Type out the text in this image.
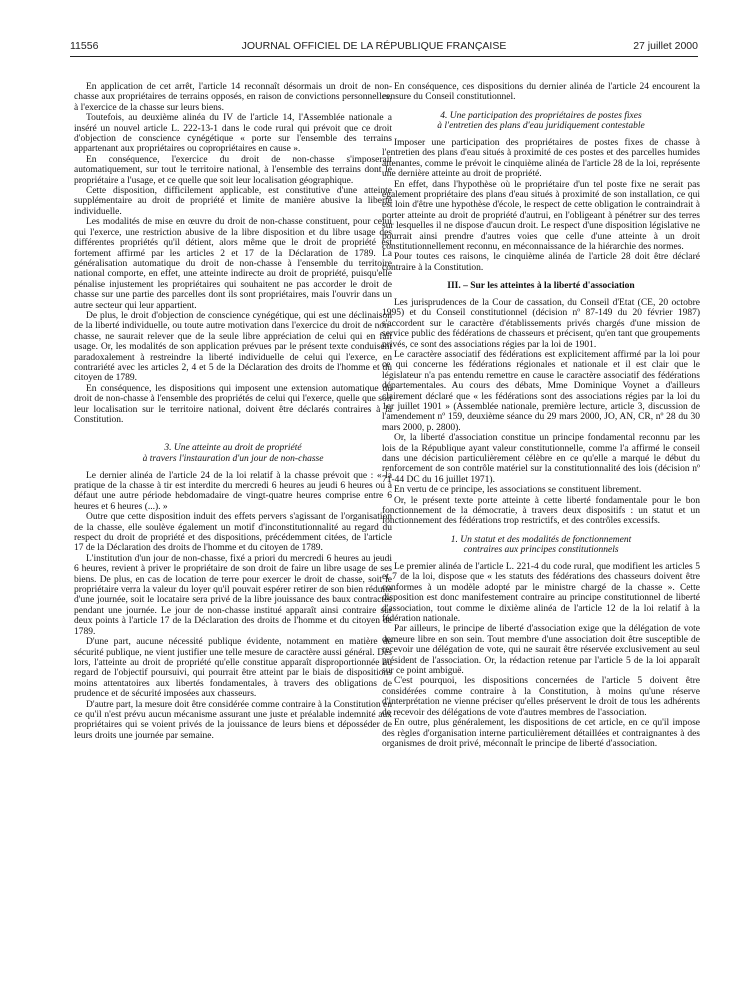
11556	JOURNAL OFFICIEL DE LA RÉPUBLIQUE FRANÇAISE	27 juillet 2000

En application de cet arrêt, l'article 14 reconnaît désormais un droit de non-chasse aux propriétaires de terrains opposés, en raison de convictions personnelles, à l'exercice de la chasse sur leurs biens.

Toutefois, au deuxième alinéa du IV de l'article 14, l'Assemblée nationale a inséré un nouvel article L. 222-13-1 dans le code rural qui prévoit que ce droit d'objection de conscience cynégétique « porte sur l'ensemble des terrains appartenant aux propriétaires ou copropriétaires en cause ».

En conséquence, l'exercice du droit de non-chasse s'imposerait automatiquement, sur tout le territoire national, à l'ensemble des terrains dont le propriétaire a l'usage, et ce quelle que soit leur localisation géographique.

Cette disposition, difficilement applicable, est constitutive d'une atteinte supplémentaire au droit de propriété et limite de manière abusive la liberté individuelle.

Les modalités de mise en œuvre du droit de non-chasse constituent, pour celui qui l'exerce, une restriction abusive de la libre disposition et du libre usage des différentes propriétés qu'il détient, alors même que le droit de propriété est fortement affirmé par les articles 2 et 17 de la Déclaration de 1789. La généralisation automatique du droit de non-chasse à l'ensemble du territoire national comporte, en effet, une atteinte indirecte au droit de propriété, puisqu'elle pénalise injustement les propriétaires qui souhaitent ne pas accorder le droit de chasse sur une partie des parcelles dont ils sont propriétaires, mais l'ouvrir dans un autre secteur qui leur appartient.

De plus, le droit d'objection de conscience cynégétique, qui est une déclinaison de la liberté individuelle, ou toute autre motivation dans l'exercice du droit de non-chasse, ne saurait relever que de la seule libre appréciation de celui qui en fait usage. Or, les modalités de son application prévues par le présent texte conduisent paradoxalement à restreindre la liberté individuelle de celui qui l'exerce, en contrariété avec les articles 2, 4 et 5 de la Déclaration des droits de l'homme et du citoyen de 1789.

En conséquence, les dispositions qui imposent une extension automatique du droit de non-chasse à l'ensemble des propriétés de celui qui l'exerce, quelle que soit leur localisation sur le territoire national, doivent être déclarés contraires à la Constitution.

3. Une atteinte au droit de propriété
à travers l'instauration d'un jour de non-chasse

Le dernier alinéa de l'article 24 de la loi relatif à la chasse prévoit que : « la pratique de la chasse à tir est interdite du mercredi 6 heures au jeudi 6 heures ou à défaut une autre période hebdomadaire de vingt-quatre heures comprise entre 6 heures et 6 heures (...). »

Outre que cette disposition induit des effets pervers s'agissant de l'organisation de la chasse, elle soulève également un motif d'inconstitutionnalité au regard du respect du droit de propriété et des dispositions, précédemment citées, de l'article 17 de la Déclaration des droits de l'homme et du citoyen de 1789.

L'institution d'un jour de non-chasse, fixé a priori du mercredi 6 heures au jeudi 6 heures, revient à priver le propriétaire de son droit de faire un libre usage de ses biens. De plus, en cas de location de terre pour exercer le droit de chasse, soit le propriétaire verra la valeur du loyer qu'il pouvait espérer retirer de son bien réduite d'une journée, soit le locataire sera privé de la libre jouissance des baux contractés pendant une journée. Le jour de non-chasse institué apparaît ainsi contraire sur deux points à l'article 17 de la Déclaration des droits de l'homme et du citoyen de 1789.

D'une part, aucune nécessité publique évidente, notamment en matière de sécurité publique, ne vient justifier une telle mesure de caractère aussi général. Dès lors, l'atteinte au droit de propriété qu'elle constitue apparaît disproportionnée au regard de l'objectif poursuivi, qui pourrait être atteint par le biais de dispositions moins attentatoires aux libertés fondamentales, à travers des obligations de prudence et de sécurité imposées aux chasseurs.

D'autre part, la mesure doit être considérée comme contraire à la Constitution en ce qu'il n'est prévu aucun mécanisme assurant une juste et préalable indemnité aux propriétaires qui se voient privés de la jouissance de leurs biens et déposséder de leurs droits une journée par semaine.

En conséquence, ces dispositions du dernier alinéa de l'article 24 encourent la censure du Conseil constitutionnel.

4. Une participation des propriétaires de postes fixes
à l'entretien des plans d'eau juridiquement contestable

Imposer une participation des propriétaires de postes fixes de chasse à l'entretien des plans d'eau situés à proximité de ces postes et des parcelles humides attenantes, comme le prévoit le cinquième alinéa de l'article 28 de la loi, représente une dernière atteinte au droit de propriété.

En effet, dans l'hypothèse où le propriétaire d'un tel poste fixe ne serait pas également propriétaire des plans d'eau situés à proximité de son installation, ce qui est loin d'être une hypothèse d'école, le respect de cette obligation le contraindrait à porter atteinte au droit de propriété d'autrui, en l'obligeant à pénétrer sur des terres sur lesquelles il ne dispose d'aucun droit. Le respect d'une disposition législative ne pourrait ainsi prendre d'autres voies que celle d'une atteinte à un droit constitutionnellement reconnu, en méconnaissance de la hiérarchie des normes.

Pour toutes ces raisons, le cinquième alinéa de l'article 28 doit être déclaré contraire à la Constitution.

III. – Sur les atteintes à la liberté d'association

Les jurisprudences de la Cour de cassation, du Conseil d'Etat (CE, 20 octobre 1995) et du Conseil constitutionnel (décision nº 87-149 du 20 février 1987) s'accordent sur le caractère d'établissements privés chargés d'une mission de service public des fédérations de chasseurs et précisent, qu'en tant que groupements privés, ce sont des associations régies par la loi de 1901.

Le caractère associatif des fédérations est explicitement affirmé par la loi pour ce qui concerne les fédérations régionales et nationale et il est clair que le législateur n'a pas entendu remettre en cause le caractère associatif des fédérations départementales. Au cours des débats, Mme Dominique Voynet a d'ailleurs clairement déclaré que « les fédérations sont des associations régies par la loi du 1er juillet 1901 » (Assemblée nationale, première lecture, article 3, discussion de l'amendement nº 159, deuxième séance du 29 mars 2000, JO, AN, CR, nº 28 du 30 mars 2000, p. 2800).

Or, la liberté d'association constitue un principe fondamental reconnu par les lois de la République ayant valeur constitutionnelle, comme l'a affirmé le conseil dans une décision particulièrement célèbre en ce qu'elle a marqué le début du renforcement de son contrôle matériel sur la constitutionnalité des lois (décision nº 71-44 DC du 16 juillet 1971).

En vertu de ce principe, les associations se constituent librement.

Or, le présent texte porte atteinte à cette liberté fondamentale pour le bon fonctionnement de la démocratie, à travers deux dispositifs : un statut et un fonctionnement des fédérations trop restrictifs, et des contrôles excessifs.

1. Un statut et des modalités de fonctionnement
contraires aux principes constitutionnels

Le premier alinéa de l'article L. 221-4 du code rural, que modifient les articles 5 et 7 de la loi, dispose que « les statuts des fédérations des chasseurs doivent être conformes à un modèle adopté par le ministre chargé de la chasse ». Cette disposition est donc manifestement contraire au principe constitutionnel de liberté d'association, tout comme le dixième alinéa de l'article 12 de la loi relatif à la fédération nationale.

Par ailleurs, le principe de liberté d'association exige que la délégation de vote demeure libre en son sein. Tout membre d'une association doit être susceptible de recevoir une délégation de vote, qui ne saurait être réservée exclusivement au seul président de l'association. Or, la rédaction retenue par l'article 5 de la loi apparaît sur ce point ambiguë.

C'est pourquoi, les dispositions concernées de l'article 5 doivent être considérées comme contraire à la Constitution, à moins qu'une réserve d'interprétation ne vienne préciser qu'elles préservent le droit de tous les adhérents de recevoir des délégations de vote d'autres membres de l'association.

En outre, plus généralement, les dispositions de cet article, en ce qu'il impose des règles d'organisation interne particulièrement détaillées et contraignantes à des organismes de droit privé, méconnaît le principe de liberté d'association.
